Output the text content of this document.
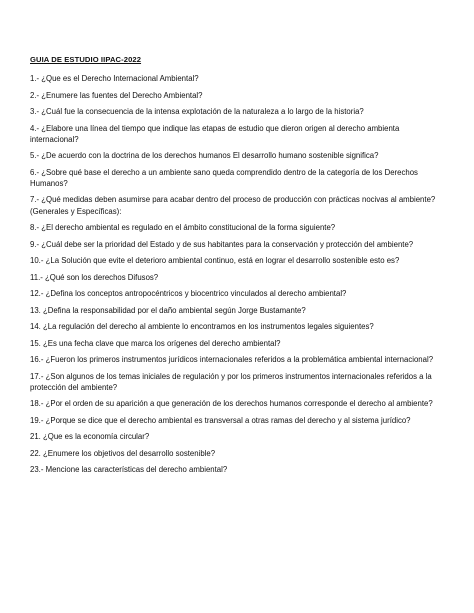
GUIA DE ESTUDIO IIPAC-2022
1.- ¿Que es el Derecho Internacional Ambiental?
2.- ¿Enumere las fuentes del Derecho Ambiental?
3.- ¿Cuál fue la consecuencia de la intensa explotación de la naturaleza a lo largo de la historia?
4.- ¿Elabore una línea del tiempo que indique las etapas de estudio que dieron origen al derecho ambienta internacional?
5.- ¿De acuerdo con la doctrina de los derechos humanos El desarrollo humano sostenible significa?
6.- ¿Sobre qué base el derecho a un ambiente sano queda comprendido dentro de la categoría de los Derechos Humanos?
7.- ¿Qué medidas deben asumirse para acabar dentro del proceso de producción con prácticas nocivas al ambiente? (Generales y Específicas):
8.- ¿El derecho ambiental es regulado en el ámbito constitucional de la forma siguiente?
9.- ¿Cuál debe ser la prioridad del Estado y de sus habitantes para la conservación y protección del ambiente?
10.- ¿La Solución que evite el deterioro ambiental continuo, está en lograr el desarrollo sostenible esto es?
11.- ¿Qué son los derechos Difusos?
12.- ¿Defina los conceptos antropocéntricos y biocentrico vinculados al derecho ambiental?
13. ¿Defina la responsabilidad por el daño ambiental según Jorge Bustamante?
14. ¿La regulación del derecho al ambiente lo encontramos en los instrumentos legales siguientes?
15. ¿Es una fecha clave que marca los orígenes del derecho ambiental?
16.- ¿Fueron los primeros instrumentos jurídicos internacionales referidos a la problemática ambiental internacional?
17.- ¿Son algunos de los temas iniciales de regulación y por los primeros instrumentos internacionales referidos a la protección del ambiente?
18.- ¿Por el orden de su aparición a que generación de los derechos humanos corresponde el derecho al ambiente?
19.- ¿Porque se dice que el derecho ambiental es transversal a otras ramas del derecho y al sistema jurídico?
21. ¿Que es la economía circular?
22. ¿Enumere los objetivos del desarrollo sostenible?
23.- Mencione las características del derecho ambiental?
